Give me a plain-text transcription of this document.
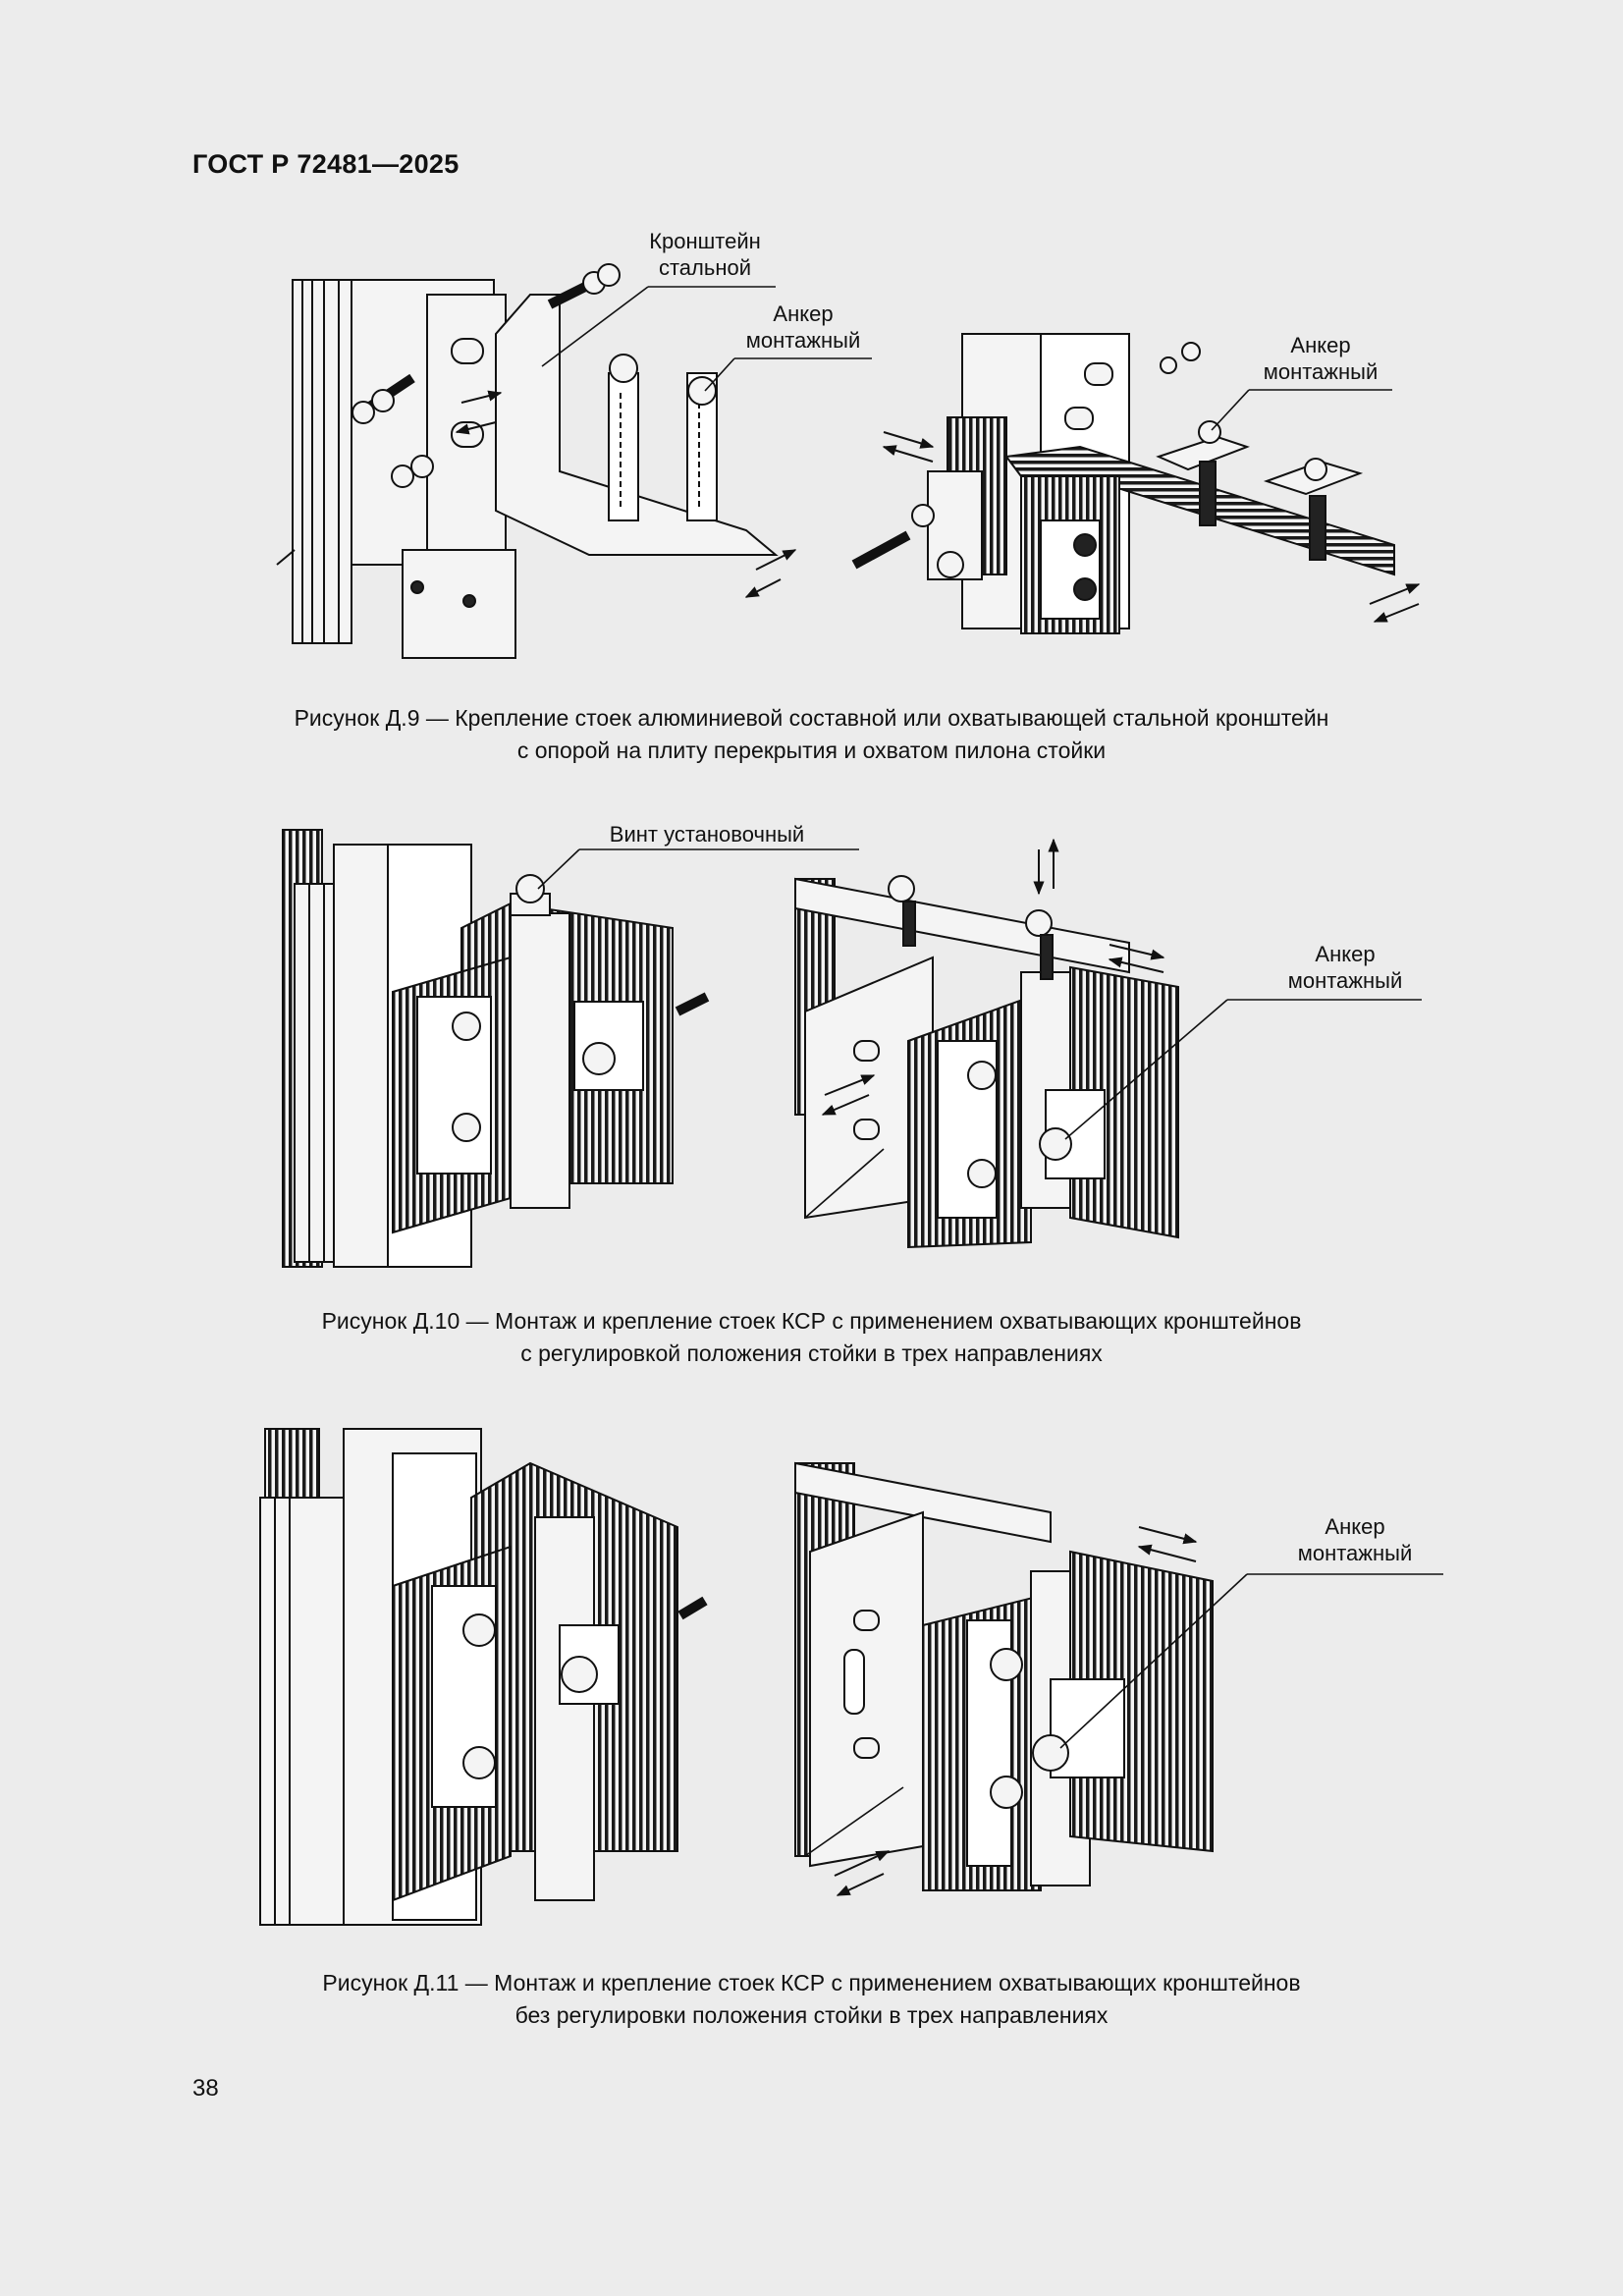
ГОСТ Р 72481—2025
Кронштейн
стальной
Анкер
монтажный	Анкер
монтажный
Рисунок Д.9 — Крепление стоек алюминиевой составной или охватывающей стальной кронштейн
с опорой на плиту перекрытия и охватом пилона стойки
Винт установочный
Анкер
монтажный
Рисунок Д.10 — Монтаж и крепление стоек КСР с применением охватывающих кронштейнов
с регулировкой положения стойки в трех направлениях
Анкер
монтажный
Рисунок Д.11 — Монтаж и крепление стоек КСР с применением охватывающих кронштейнов
без регулировки положения стойки в трех направлениях
38
